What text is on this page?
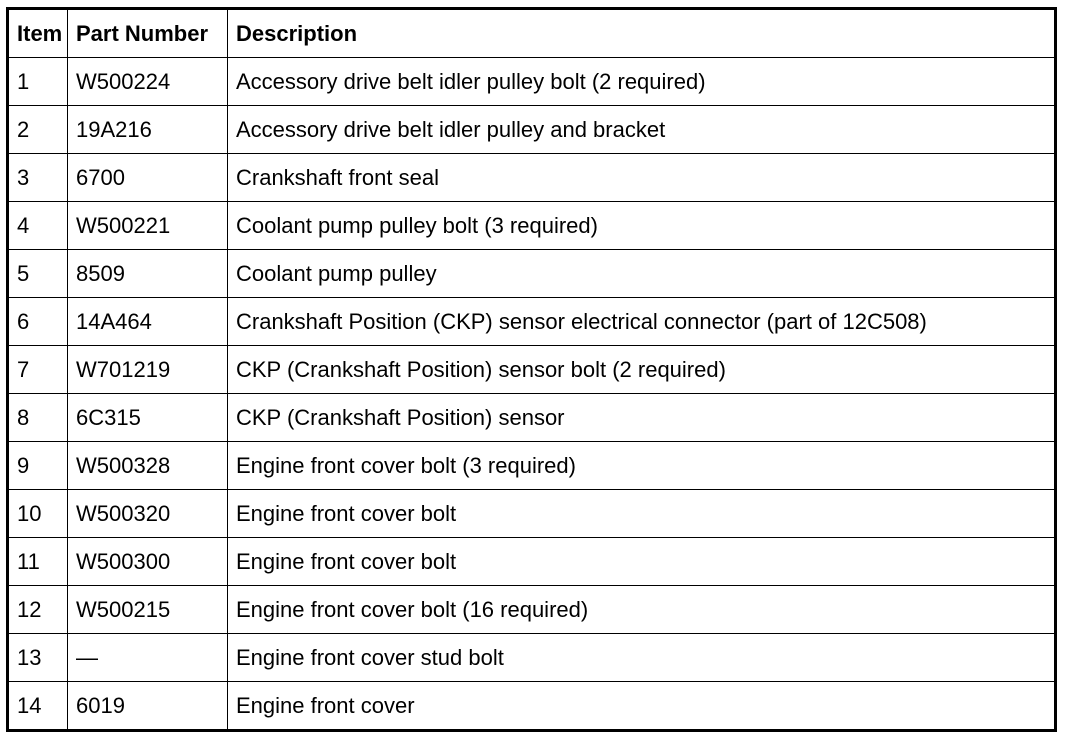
Item	Part Number	Description
1	W500224	Accessory drive belt idler pulley bolt (2 required)
2	19A216	Accessory drive belt idler pulley and bracket
3	6700	Crankshaft front seal
4	W500221	Coolant pump pulley bolt (3 required)
5	8509	Coolant pump pulley
6	14A464	Crankshaft Position (CKP) sensor electrical connector (part of 12C508)
7	W701219	CKP (Crankshaft Position) sensor bolt (2 required)
8	6C315	CKP (Crankshaft Position) sensor
9	W500328	Engine front cover bolt (3 required)
10	W500320	Engine front cover bolt
11	W500300	Engine front cover bolt
12	W500215	Engine front cover bolt (16 required)
13	—	Engine front cover stud bolt
14	6019	Engine front cover
